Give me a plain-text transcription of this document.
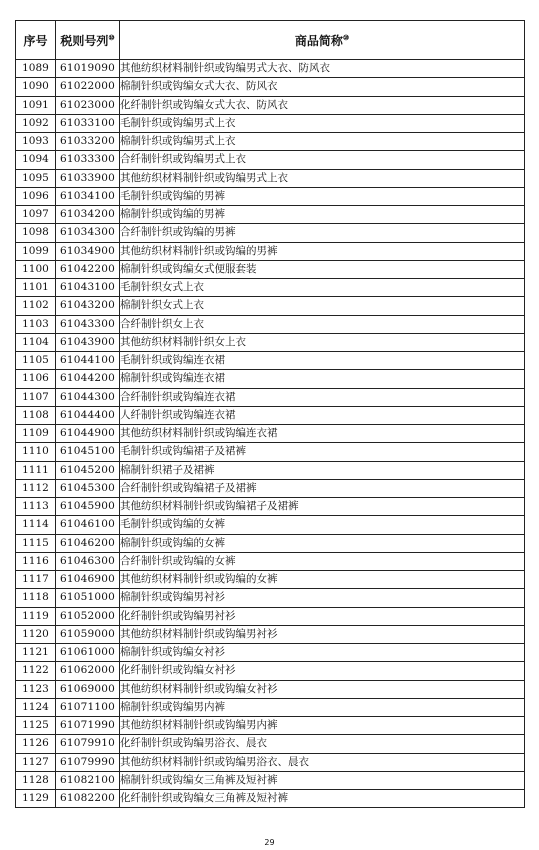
序号	税则号列⑩	商品简称⑩
1089	61019090	其他纺织材料制针织或钩编男式大衣、防风衣
1090	61022000	棉制针织或钩编女式大衣、防风衣
1091	61023000	化纤制针织或钩编女式大衣、防风衣
1092	61033100	毛制针织或钩编男式上衣
1093	61033200	棉制针织或钩编男式上衣
1094	61033300	合纤制针织或钩编男式上衣
1095	61033900	其他纺织材料制针织或钩编男式上衣
1096	61034100	毛制针织或钩编的男裤
1097	61034200	棉制针织或钩编的男裤
1098	61034300	合纤制针织或钩编的男裤
1099	61034900	其他纺织材料制针织或钩编的男裤
1100	61042200	棉制针织或钩编女式便服套装
1101	61043100	毛制针织女式上衣
1102	61043200	棉制针织女式上衣
1103	61043300	合纤制针织女上衣
1104	61043900	其他纺织材料制针织女上衣
1105	61044100	毛制针织或钩编连衣裙
1106	61044200	棉制针织或钩编连衣裙
1107	61044300	合纤制针织或钩编连衣裙
1108	61044400	人纤制针织或钩编连衣裙
1109	61044900	其他纺织材料制针织或钩编连衣裙
1110	61045100	毛制针织或钩编裙子及裙裤
1111	61045200	棉制针织裙子及裙裤
1112	61045300	合纤制针织或钩编裙子及裙裤
1113	61045900	其他纺织材料制针织或钩编裙子及裙裤
1114	61046100	毛制针织或钩编的女裤
1115	61046200	棉制针织或钩编的女裤
1116	61046300	合纤制针织或钩编的女裤
1117	61046900	其他纺织材料制针织或钩编的女裤
1118	61051000	棉制针织或钩编男衬衫
1119	61052000	化纤制针织或钩编男衬衫
1120	61059000	其他纺织材料制针织或钩编男衬衫
1121	61061000	棉制针织或钩编女衬衫
1122	61062000	化纤制针织或钩编女衬衫
1123	61069000	其他纺织材料制针织或钩编女衬衫
1124	61071100	棉制针织或钩编男内裤
1125	61071990	其他纺织材料制针织或钩编男内裤
1126	61079910	化纤制针织或钩编男浴衣、晨衣
1127	61079990	其他纺织材料制针织或钩编男浴衣、晨衣
1128	61082100	棉制针织或钩编女三角裤及短衬裤
1129	61082200	化纤制针织或钩编女三角裤及短衬裤
29
